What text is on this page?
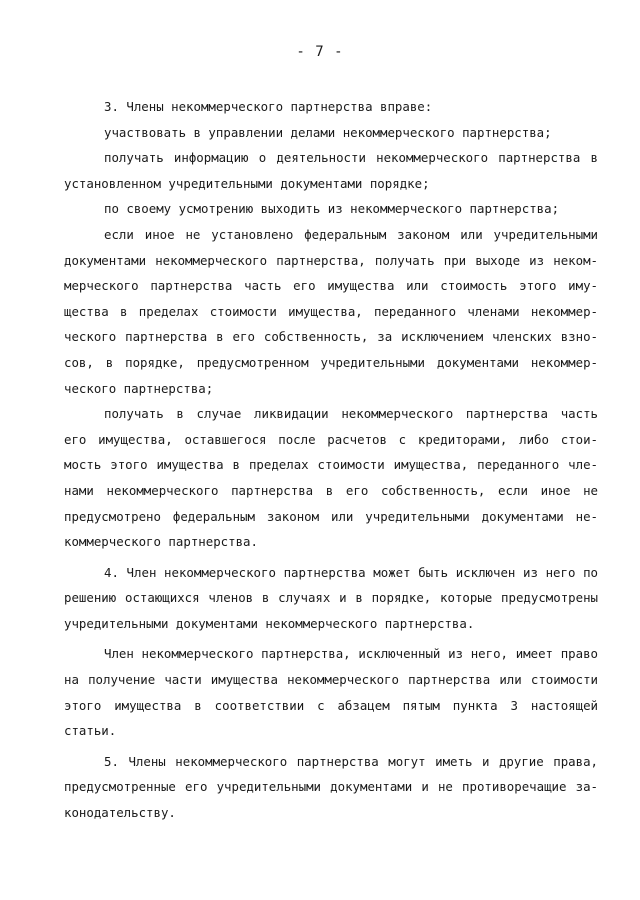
- 7 -
3. Члены некоммерческого партнерства вправе:
участвовать в управлении делами некоммерческого партнерства;
получать информацию о деятельности некоммерческого партнерства в
установленном учредительными документами порядке;
по своему усмотрению выходить из некоммерческого партнерства;
если иное не установлено федеральным законом или учредительными
документами некоммерческого партнерства, получать при выходе из неком-
мерческого партнерства часть его имущества или стоимость этого иму-
щества в пределах стоимости имущества, переданного членами некоммер-
ческого партнерства в его собственность, за исключением членских взно-
сов, в порядке, предусмотренном учредительными документами некоммер-
ческого партнерства;
получать в случае ликвидации некоммерческого партнерства часть
его имущества, оставшегося после расчетов с кредиторами, либо стои-
мость этого имущества в пределах стоимости имущества, переданного чле-
нами некоммерческого партнерства в его собственность, если иное не
предусмотрено федеральным законом или учредительными документами не-
коммерческого партнерства.
4. Член некоммерческого партнерства может быть исключен из него по
решению остающихся членов в случаях и в порядке, которые предусмотрены
учредительными документами некоммерческого партнерства.
Член некоммерческого партнерства, исключенный из него, имеет право
на получение части имущества некоммерческого партнерства или стоимости
этого имущества в соответствии с абзацем пятым пункта 3 настоящей
статьи.
5. Члены некоммерческого партнерства могут иметь и другие права,
предусмотренные его учредительными документами и не противоречащие за-
конодательству.
